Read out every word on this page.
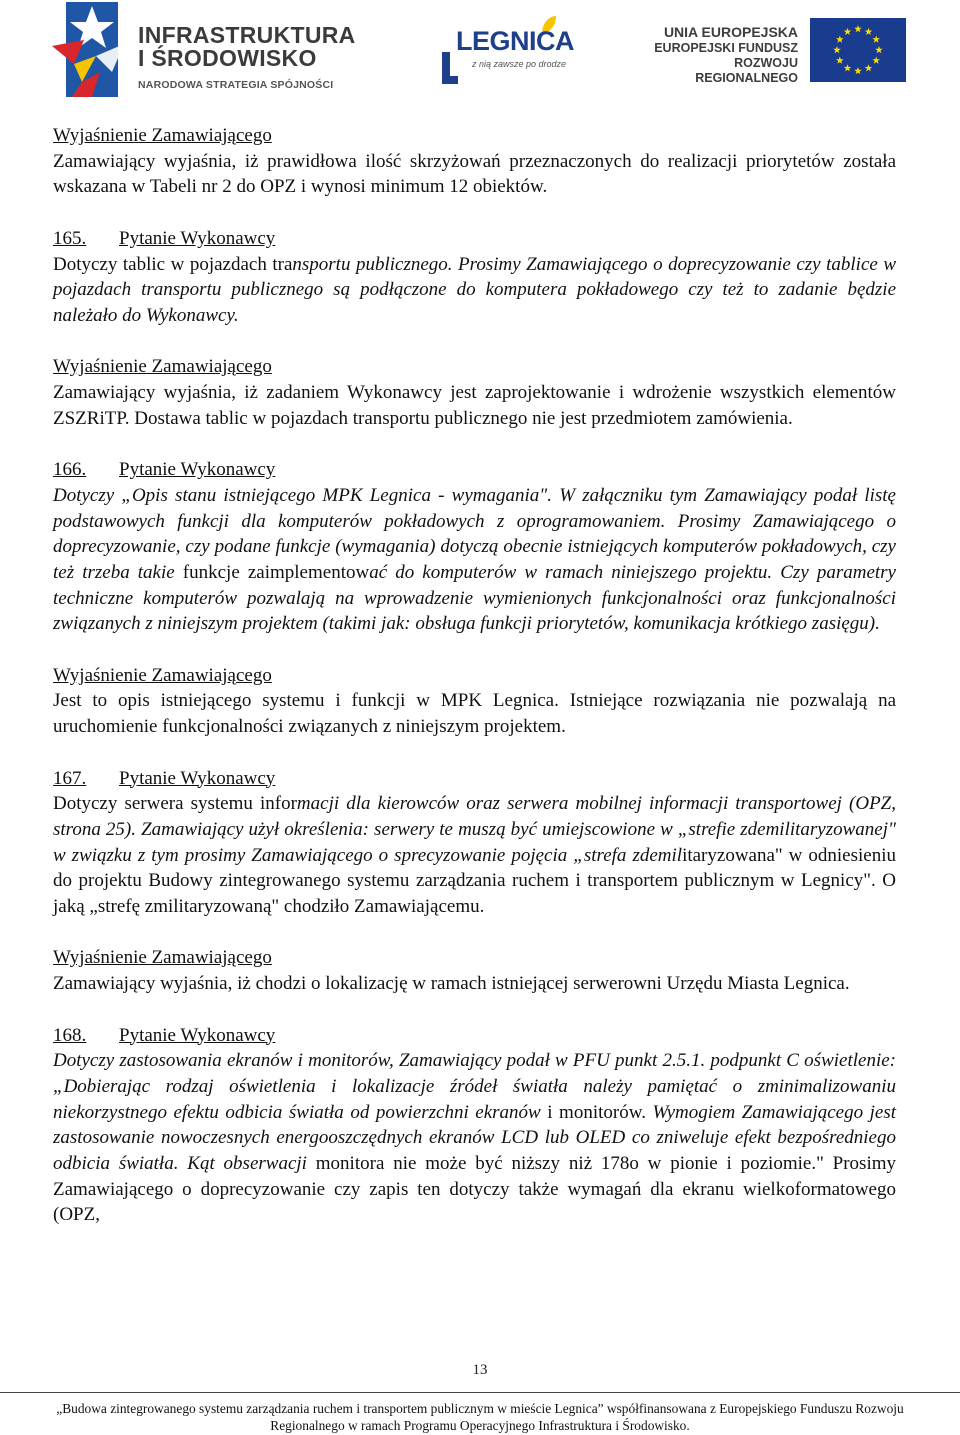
INFRASTRUKTURA
I ŚRODOWISKO
NARODOWA STRATEGIA SPÓJNOŚCI
LEGNICA
z nią zawsze po drodze
UNIA EUROPEJSKA
EUROPEJSKI FUNDUSZ
ROZWOJU REGIONALNEGO

Wyjaśnienie Zamawiającego

Zamawiający wyjaśnia, iż prawidłowa ilość skrzyżowań przeznaczonych do realizacji priorytetów została wskazana w Tabeli nr 2 do OPZ i wynosi minimum 12 obiektów.

165. Pytanie Wykonawcy

Dotyczy tablic w pojazdach transportu publicznego. Prosimy Zamawiającego o doprecyzowanie czy tablice w pojazdach transportu publicznego są podłączone do komputera pokładowego czy też to zadanie będzie należało do Wykonawcy.

Wyjaśnienie Zamawiającego

Zamawiający wyjaśnia, iż zadaniem Wykonawcy jest zaprojektowanie i wdrożenie wszystkich elementów ZSZRiTP. Dostawa tablic w pojazdach transportu publicznego nie jest przedmiotem zamówienia.

166. Pytanie Wykonawcy

Dotyczy „Opis stanu istniejącego MPK Legnica - wymagania". W załączniku tym Zamawiający podał listę podstawowych funkcji dla komputerów pokładowych z oprogramowaniem. Prosimy Zamawiającego o doprecyzowanie, czy podane funkcje (wymagania) dotyczą obecnie istniejących komputerów pokładowych, czy też trzeba takie funkcje zaimplementować do komputerów w ramach niniejszego projektu. Czy parametry techniczne komputerów pozwalają na wprowadzenie wymienionych funkcjonalności oraz funkcjonalności związanych z niniejszym projektem (takimi jak: obsługa funkcji priorytetów, komunikacja krótkiego zasięgu).

Wyjaśnienie Zamawiającego

Jest to opis istniejącego systemu i funkcji w MPK Legnica. Istniejące rozwiązania nie pozwalają na uruchomienie funkcjonalności związanych z niniejszym projektem.

167. Pytanie Wykonawcy

Dotyczy serwera systemu informacji dla kierowców oraz serwera mobilnej informacji transportowej (OPZ, strona 25). Zamawiający użył określenia: serwery te muszą być umiejscowione w „strefie zdemilitaryzowanej" w związku z tym prosimy Zamawiającego o sprecyzowanie pojęcia „strefa zdemilitaryzowana" w odniesieniu do projektu Budowy zintegrowanego systemu zarządzania ruchem i transportem publicznym w Legnicy". O jaką „strefę zmilitaryzowaną" chodziło Zamawiającemu.

Wyjaśnienie Zamawiającego

Zamawiający wyjaśnia, iż chodzi o lokalizację w ramach istniejącej serwerowni Urzędu Miasta Legnica.

168. Pytanie Wykonawcy

Dotyczy zastosowania ekranów i monitorów, Zamawiający podał w PFU punkt 2.5.1. podpunkt C oświetlenie: „Dobierając rodzaj oświetlenia i lokalizacje źródeł światła należy pamiętać o zminimalizowaniu niekorzystnego efektu odbicia światła od powierzchni ekranów i monitorów. Wymogiem Zamawiającego jest zastosowanie nowoczesnych energooszczędnych ekranów LCD lub OLED co zniweluje efekt bezpośredniego odbicia światła. Kąt obserwacji monitora nie może być niższy niż 178o w pionie i poziomie." Prosimy Zamawiającego o doprecyzowanie czy zapis ten dotyczy także wymagań dla ekranu wielkoformatowego (OPZ,

13
„Budowa zintegrowanego systemu zarządzania ruchem i transportem publicznym w mieście Legnica” współfinansowana z Europejskiego Funduszu Rozwoju
Regionalnego w ramach Programu Operacyjnego Infrastruktura i Środowisko.
